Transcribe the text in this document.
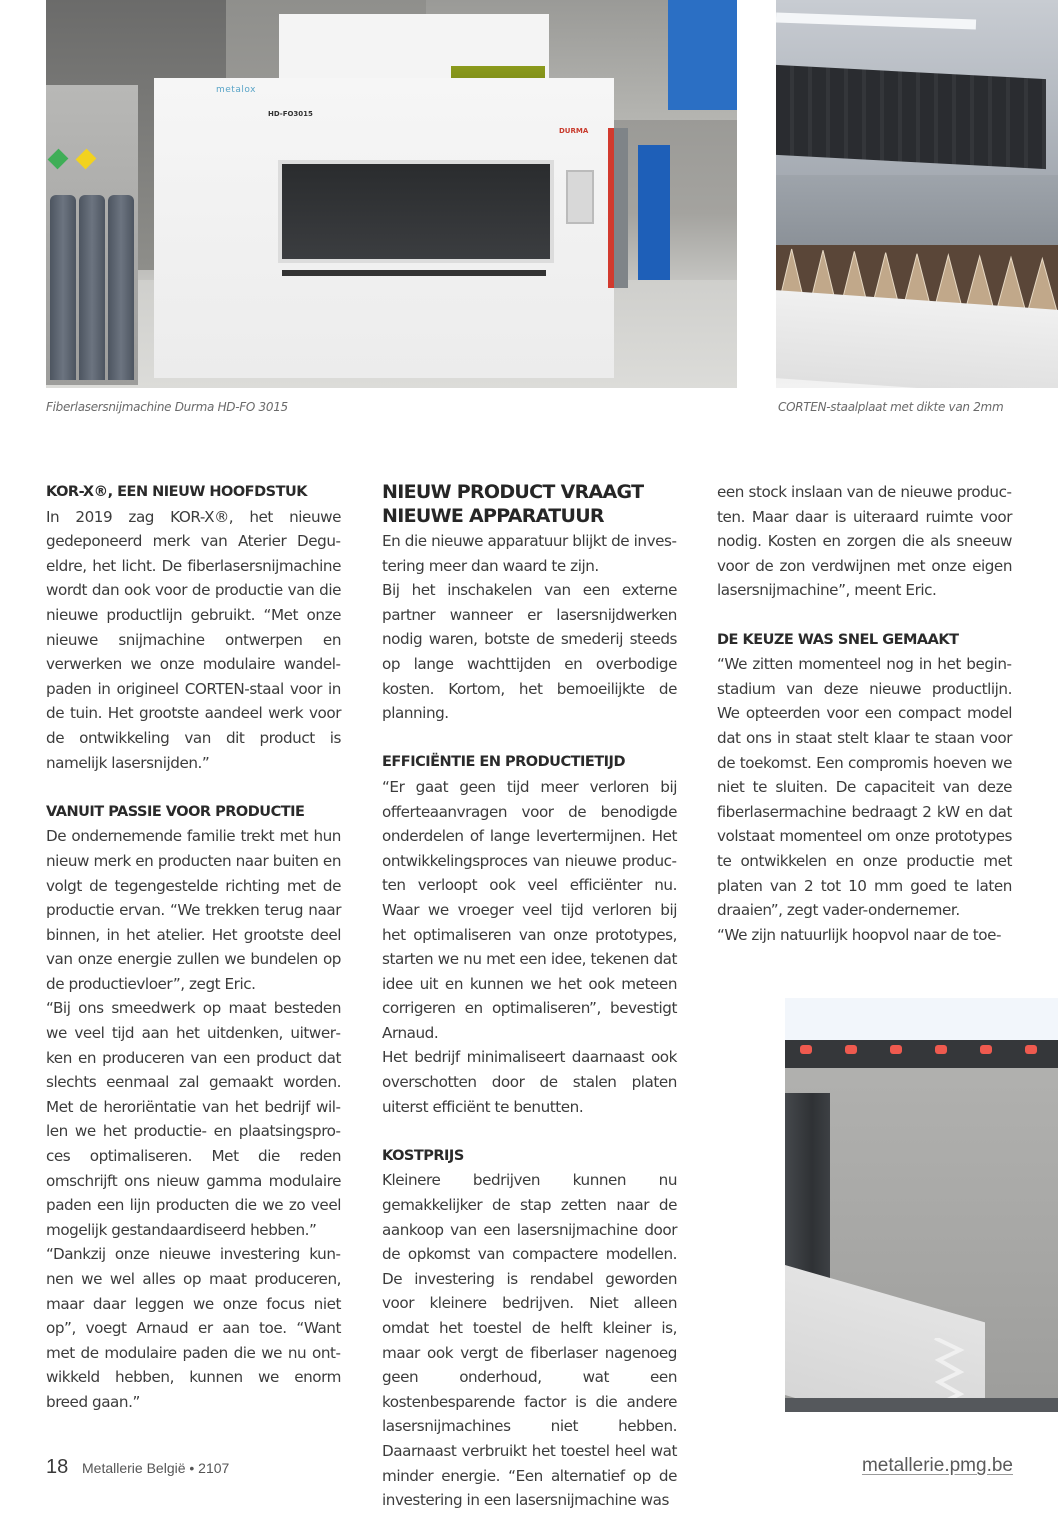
metalox
HD-FO3015
DURMA
Fiberlasersnijmachine Durma HD-FO 3015	CORTEN-staalplaat met dikte van 2mm
KOR-X®, EEN NIEUW HOOFDSTUK

In 2019 zag KOR-X®, het nieuwe gedeponeerd merk van Aterier Degueldre, het licht. De fiberlasersnijmachine wordt dan ook voor de productie van die nieuwe productlijn gebruikt. “Met onze nieuwe snijmachine ontwerpen en verwerken we onze modulaire wandelpaden in origineel CORTEN-staal voor in de tuin. Het grootste aandeel werk voor de ontwikkeling van dit product is namelijk lasersnijden.”

VANUIT PASSIE VOOR PRODUCTIE

De ondernemende familie trekt met hun nieuw merk en producten naar buiten en volgt de tegengestelde richting met de productie ervan. “We trekken terug naar binnen, in het atelier. Het grootste deel van onze energie zullen we bundelen op de productievloer”, zegt Eric.

“Bij ons smeedwerk op maat besteden we veel tijd aan het uitdenken, uitwerken en produceren van een product dat slechts eenmaal zal gemaakt worden. Met de heroriëntatie van het bedrijf willen we het productie- en plaatsingsproces optimaliseren. Met die reden omschrijft ons nieuw gamma modulaire paden een lijn producten die we zo veel mogelijk gestandaardiseerd hebben.”

“Dankzij onze nieuwe investering kunnen we wel alles op maat produceren, maar daar leggen we onze focus niet op”, voegt Arnaud er aan toe. “Want met de modulaire paden die we nu ontwikkeld hebben, kunnen we enorm breed gaan.”

NIEUW PRODUCT VRAAGT NIEUWE APPARATUUR

En die nieuwe apparatuur blijkt de investering meer dan waard te zijn.

Bij het inschakelen van een externe partner wanneer er lasersnijdwerken nodig waren, botste de smederij steeds op lange wachttijden en overbodige kosten. Kortom, het bemoeilijkte de planning.

EFFICIËNTIE EN PRODUCTIETIJD

“Er gaat geen tijd meer verloren bij offerteaanvragen voor de benodigde onderdelen of lange levertermijnen. Het ontwikkelingsproces van nieuwe producten verloopt ook veel efficiënter nu. Waar we vroeger veel tijd verloren bij het optimaliseren van onze prototypes, starten we nu met een idee, tekenen dat idee uit en kunnen we het ook meteen corrigeren en optimaliseren”, bevestigt Arnaud.

Het bedrijf minimaliseert daarnaast ook overschotten door de stalen platen uiterst efficiënt te benutten.

KOSTPRIJS

Kleinere bedrijven kunnen nu gemakkelijker de stap zetten naar de aankoop van een lasersnijmachine door de opkomst van compactere modellen. De investering is rendabel geworden voor kleinere bedrijven. Niet alleen omdat het toestel de helft kleiner is, maar ook vergt de fiberlaser nagenoeg geen onderhoud, wat een kostenbesparende factor is die andere lasersnijmachines niet hebben. Daarnaast verbruikt het toestel heel wat minder energie. “Een alternatief op de investering in een lasersnijmachine was

een stock inslaan van de nieuwe producten. Maar daar is uiteraard ruimte voor nodig. Kosten en zorgen die als sneeuw voor de zon verdwijnen met onze eigen lasersnijmachine”, meent Eric.

DE KEUZE WAS SNEL GEMAAKT

“We zitten momenteel nog in het beginstadium van deze nieuwe productlijn. We opteerden voor een compact model dat ons in staat stelt klaar te staan voor de toekomst. Een compromis hoeven we niet te sluiten. De capaciteit van deze fiberlasermachine bedraagt 2 kW en dat volstaat momenteel om onze prototypes te ontwikkelen en onze productie met platen van 2 tot 10 mm goed te laten draaien”, zegt vader-ondernemer.

“We zijn natuurlijk hoopvol naar de toe-

18 Metallerie België • 2107	metallerie.pmg.be
